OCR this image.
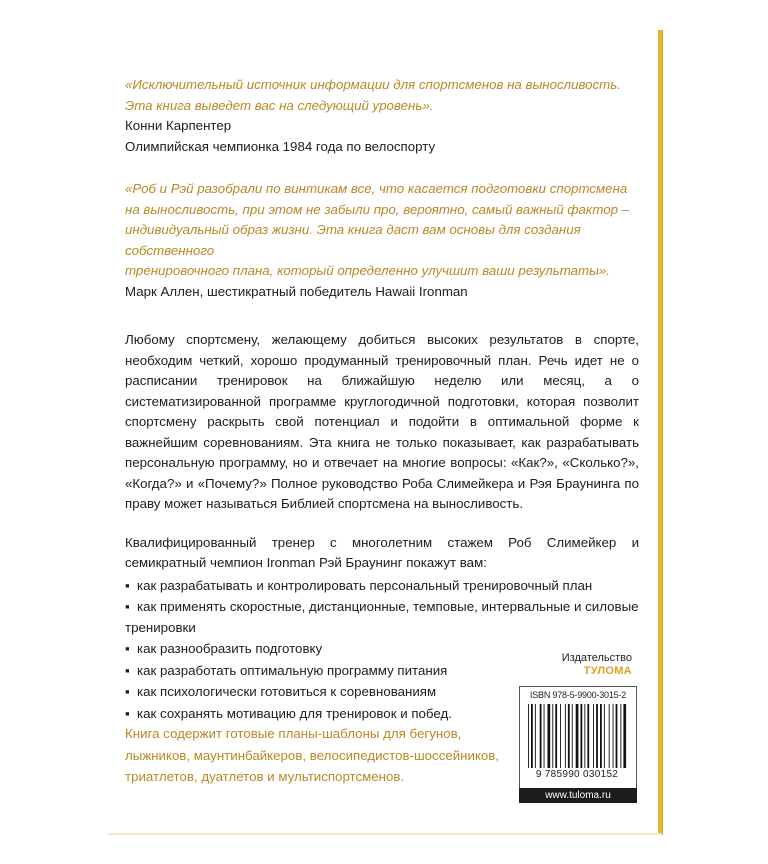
«Исключительный источник информации для спортсменов на выносливость.

Эта книга выведет вас на следующий уровень».

Конни Карпентер

Олимпийская чемпионка 1984 года по велоспорту

«Роб и Рэй разобрали по винтикам все, что касается подготовки спортсмена

на выносливость, при этом не забыли про, вероятно, самый важный фактор –

индивидуальный образ жизни. Эта книга даст вам основы для создания собственного

тренировочного плана, который определенно улучшит ваши результаты».

Марк Аллен, шестикратный победитель Hawaii Ironman

Любому спортсмену, желающему добиться высоких результатов в спорте, необходим четкий, хорошо продуманный тренировочный план. Речь идет не о расписании тренировок на ближайшую неделю или месяц, а о систематизированной программе круглогодичной подготовки, которая позволит спортсмену раскрыть свой потенциал и подойти в оптимальной форме к важнейшим соревнованиям. Эта книга не только показывает, как разрабатывать персональную программу, но и отвечает на многие вопросы: «Как?», «Сколько?», «Когда?» и «Почему?» Полное руководство Роба Слимейкера и Рэя Браунинга по праву может называться Библией спортсмена на выносливость.

Квалифицированный тренер с многолетним стажем Роб Слимейкер и семикратный чемпион Ironman Рэй Браунинг покажут вам:

▪ как разрабатывать и контролировать персональный тренировочный план
▪ как применять скоростные, дистанционные, темповые, интервальные и силовые тренировки
▪ как разнообразить подготовку
▪ как разработать оптимальную программу питания
▪ как психологически готовиться к соревнованиям
▪ как сохранять мотивацию для тренировок и побед.
Книга содержит готовые планы-шаблоны для бегунов, лыжников, маунтинбайкеров, велосипедистов-шоссейников, триатлетов, дуатлетов и мультиспортсменов.
Издательство
ТУЛОМА
ISBN 978-5-9900-3015-2
9 785990 030152
www.tuloma.ru
